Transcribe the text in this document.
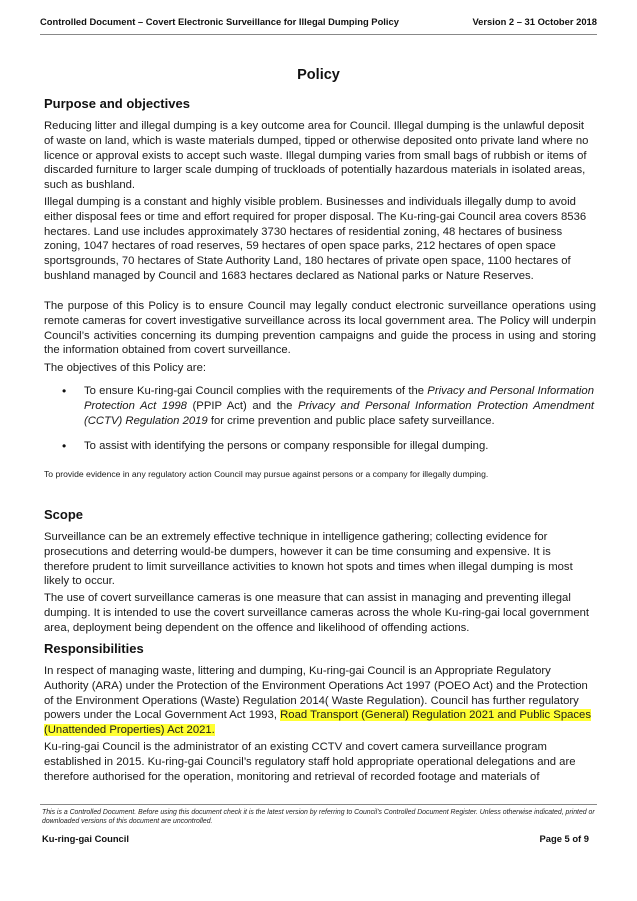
Controlled Document – Covert Electronic Surveillance for Illegal Dumping Policy	Version 2 – 31 October 2018
Policy
Purpose and objectives

Reducing litter and illegal dumping is a key outcome area for Council. Illegal dumping is the unlawful deposit of waste on land, which is waste materials dumped, tipped or otherwise deposited onto private land where no licence or approval exists to accept such waste. Illegal dumping varies from small bags of rubbish or items of discarded furniture to larger scale dumping of truckloads of potentially hazardous materials in isolated areas, such as bushland.

Illegal dumping is a constant and highly visible problem. Businesses and individuals illegally dump to avoid either disposal fees or time and effort required for proper disposal. The Ku-ring-gai Council area covers 8536 hectares. Land use includes approximately 3730 hectares of residential zoning, 48 hectares of business zoning, 1047 hectares of road reserves, 59 hectares of open space parks, 212 hectares of open space sportsgrounds, 70 hectares of State Authority Land, 180 hectares of private open space, 1100 hectares of bushland managed by Council and 1683 hectares declared as National parks or Nature Reserves.

The purpose of this Policy is to ensure Council may legally conduct electronic surveillance operations using remote cameras for covert investigative surveillance across its local government area. The Policy will underpin Council’s activities concerning its dumping prevention campaigns and guide the process in using and storing the information obtained from covert surveillance.

The objectives of this Policy are:

• To ensure Ku-ring-gai Council complies with the requirements of the Privacy and Personal Information Protection Act 1998 (PPIP Act) and the Privacy and Personal Information Protection Amendment (CCTV) Regulation 2019 for crime prevention and public place safety surveillance.

• To assist with identifying the persons or company responsible for illegal dumping.

To provide evidence in any regulatory action Council may pursue against persons or a company for illegally dumping.

Scope

Surveillance can be an extremely effective technique in intelligence gathering; collecting evidence for prosecutions and deterring would-be dumpers, however it can be time consuming and expensive. It is therefore prudent to limit surveillance activities to known hot spots and times when illegal dumping is most likely to occur.

The use of covert surveillance cameras is one measure that can assist in managing and preventing illegal dumping. It is intended to use the covert surveillance cameras across the whole Ku-ring-gai local government area, deployment being dependent on the offence and likelihood of offending actions.

Responsibilities

In respect of managing waste, littering and dumping, Ku-ring-gai Council is an Appropriate Regulatory Authority (ARA) under the Protection of the Environment Operations Act 1997 (POEO Act) and the Protection of the Environment Operations (Waste) Regulation 2014( Waste Regulation). Council has further regulatory powers under the Local Government Act 1993, Road Transport (General) Regulation 2021 and Public Spaces (Unattended Properties) Act 2021.

Ku-ring-gai Council is the administrator of an existing CCTV and covert camera surveillance program established in 2015. Ku-ring-gai Council’s regulatory staff hold appropriate operational delegations and are therefore authorised for the operation, monitoring and retrieval of recorded footage and materials of

This is a Controlled Document. Before using this document check it is the latest version by referring to Council’s Controlled Document Register. Unless otherwise indicated, printed or downloaded versions of this document are uncontrolled.
Ku-ring-gai Council	Page 5 of 9
